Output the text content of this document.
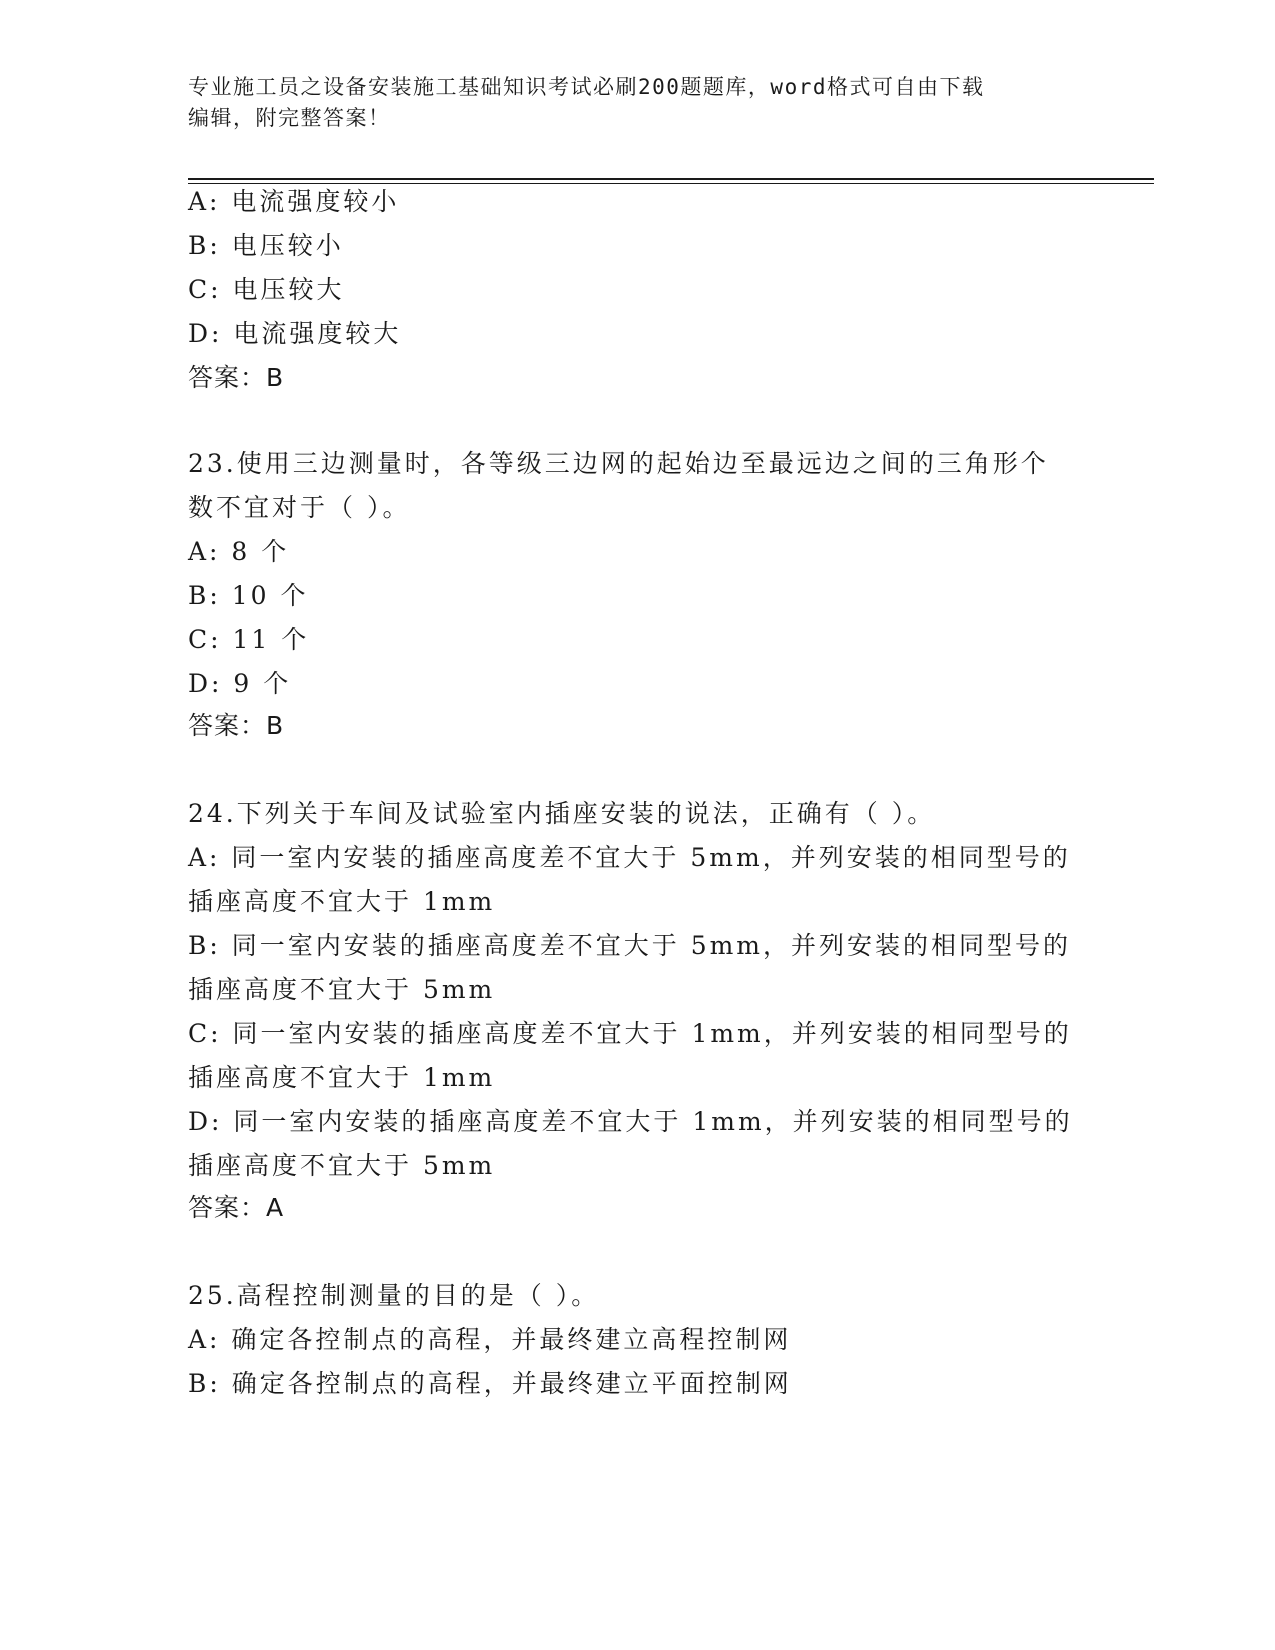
专业施工员之设备安装施工基础知识考试必刷200题题库，word格式可自由下载
编辑，附完整答案！
A: 电流强度较小
B: 电压较小
C: 电压较大
D: 电流强度较大
答案：B
23.使用三边测量时，各等级三边网的起始边至最远边之间的三角形个
数不宜对于（ ）。
A: 8 个
B: 10 个
C: 11 个
D: 9 个
答案：B
24.下列关于车间及试验室内插座安装的说法，正确有（ ）。
A: 同一室内安装的插座高度差不宜大于 5mm，并列安装的相同型号的
插座高度不宜大于 1mm
B: 同一室内安装的插座高度差不宜大于 5mm，并列安装的相同型号的
插座高度不宜大于 5mm
C: 同一室内安装的插座高度差不宜大于 1mm，并列安装的相同型号的
插座高度不宜大于 1mm
D: 同一室内安装的插座高度差不宜大于 1mm，并列安装的相同型号的
插座高度不宜大于 5mm
答案：A
25.高程控制测量的目的是（ ）。
A: 确定各控制点的高程，并最终建立高程控制网
B: 确定各控制点的高程，并最终建立平面控制网
